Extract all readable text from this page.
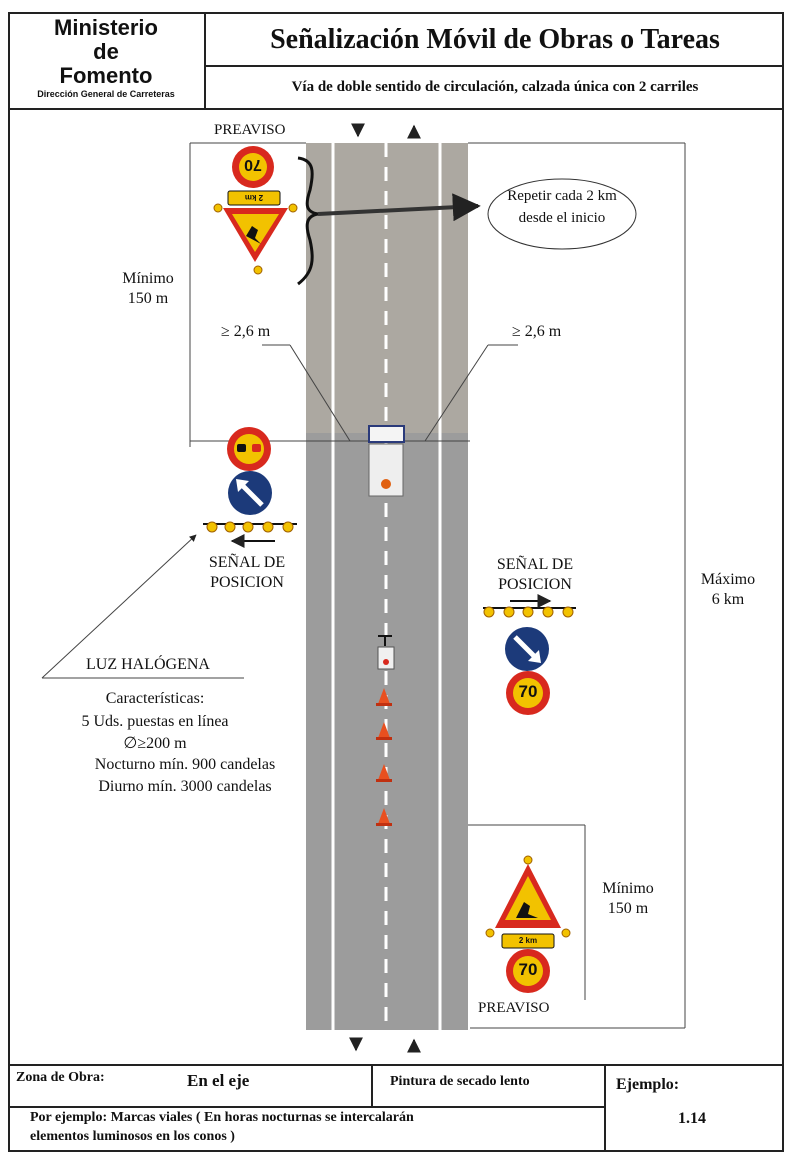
Ministerio
de
Fomento
Dirección General de Carreteras
Señalización Móvil de Obras o Tareas
Vía de doble sentido de circulación, calzada única con 2 carriles
70
2 km
70
2 km
70
PREAVISO
Repetir cada 2 km
desde el inicio
Mínimo
150 m
≥ 2,6 m	≥ 2,6 m
SEÑAL DE
POSICION
SEÑAL DE
POSICION	Máximo
6 km
LUZ HALÓGENA
Características:
5 Uds. puestas en línea
∅≥200 m
Nocturno mín. 900 candelas
Diurno mín. 3000 candelas
Mínimo
150 m
PREAVISO
Zona de Obra:	En el eje	Pintura de secado lento	Ejemplo:
1.14
Por ejemplo: Marcas viales ( En horas nocturnas se intercalarán
elementos luminosos en los conos )
